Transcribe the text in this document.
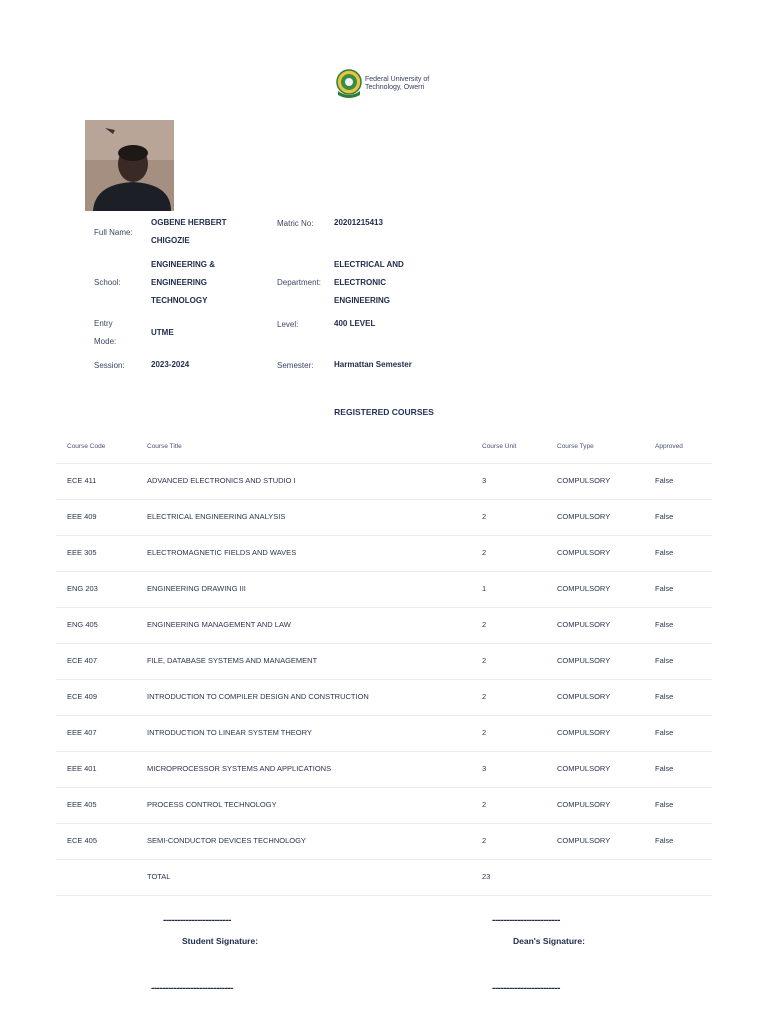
Federal University of
Technology, Owerri
Full Name:
OGBENE HERBERT
CHIGOZIE
Matric No:	20201215413
School:
ENGINEERING &
ENGINEERING
TECHNOLOGY
Department:
ELECTRICAL AND
ELECTRONIC
ENGINEERING
Entry
Mode:
UTME
Level:	400 LEVEL
Session:	2023-2024	Semester:	Harmattan Semester
REGISTERED COURSES
Course Code	Course Title	Course Unit	Course Type	Approved
ECE 411	ADVANCED ELECTRONICS AND STUDIO I	3	COMPULSORY	False
EEE 409	ELECTRICAL ENGINEERING ANALYSIS	2	COMPULSORY	False
EEE 305	ELECTROMAGNETIC FIELDS AND WAVES	2	COMPULSORY	False
ENG 203	ENGINEERING DRAWING III	1	COMPULSORY	False
ENG 405	ENGINEERING MANAGEMENT AND LAW	2	COMPULSORY	False
ECE 407	FILE, DATABASE SYSTEMS AND MANAGEMENT	2	COMPULSORY	False
ECE 409	INTRODUCTION TO COMPILER DESIGN AND CONSTRUCTION	2	COMPULSORY	False
EEE 407	INTRODUCTION TO LINEAR SYSTEM THEORY	2	COMPULSORY	False
EEE 401	MICROPROCESSOR SYSTEMS AND APPLICATIONS	3	COMPULSORY	False
EEE 405	PROCESS CONTROL TECHNOLOGY	2	COMPULSORY	False
ECE 405	SEMI-CONDUCTOR DEVICES TECHNOLOGY	2	COMPULSORY	False
TOTAL	23
------------------------
Student Signature:
------------------------
Dean's Signature:
-----------------------------	------------------------
